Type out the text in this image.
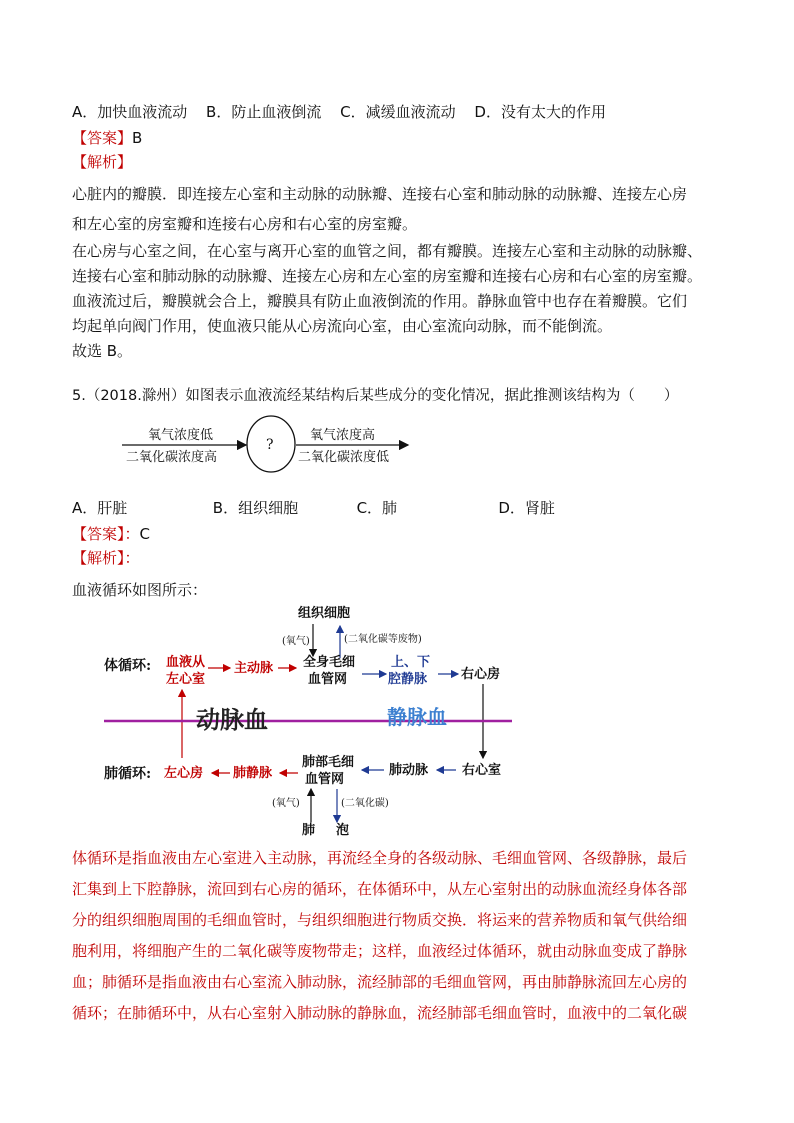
A．加快血液流动 B．防止血液倒流 C．减缓血液流动 D．没有太大的作用
【答案】B
【解析】
心脏内的瓣膜．即连接左心室和主动脉的动脉瓣、连接右心室和肺动脉的动脉瓣、连接左心房
和左心室的房室瓣和连接右心房和右心室的房室瓣。
在心房与心室之间，在心室与离开心室的血管之间，都有瓣膜。连接左心室和主动脉的动脉瓣、
连接右心室和肺动脉的动脉瓣、连接左心房和左心室的房室瓣和连接右心房和右心室的房室瓣。
血液流过后，瓣膜就会合上，瓣膜具有防止血液倒流的作用。静脉血管中也存在着瓣膜。它们
均起单向阀门作用，使血液只能从心房流向心室，由心室流向动脉，而不能倒流。
故选 B。
5.（2018.滁州）如图表示血液流经某结构后某些成分的变化情况，据此推测该结构为（　　）
氧气浓度低
二氧化碳浓度高
?
氧气浓度高
二氧化碳浓度低
A．肝脏	B．组织细胞	C．肺	D．肾脏
【答案】：C
【解析】：
血液循环如图所示：
组织细胞
(氧气)	(二氧化碳等废物)
体循环: 血液从
左心室
主动脉 全身毛细
血管网
上、下
腔静脉	右心房
动脉血	静脉血
肺循环: 左心房 肺静脉
肺部毛细
血管网
肺动脉	右心室
(氧气)	(二氧化碳)
肺 泡
体循环是指血液由左心室进入主动脉，再流经全身的各级动脉、毛细血管网、各级静脉，最后
汇集到上下腔静脉，流回到右心房的循环，在体循环中，从左心室射出的动脉血流经身体各部
分的组织细胞周围的毛细血管时，与组织细胞进行物质交换．将运来的营养物质和氧气供给细
胞利用，将细胞产生的二氧化碳等废物带走；这样，血液经过体循环，就由动脉血变成了静脉
血；肺循环是指血液由右心室流入肺动脉，流经肺部的毛细血管网，再由肺静脉流回左心房的
循环；在肺循环中，从右心室射入肺动脉的静脉血，流经肺部毛细血管时，血液中的二氧化碳
